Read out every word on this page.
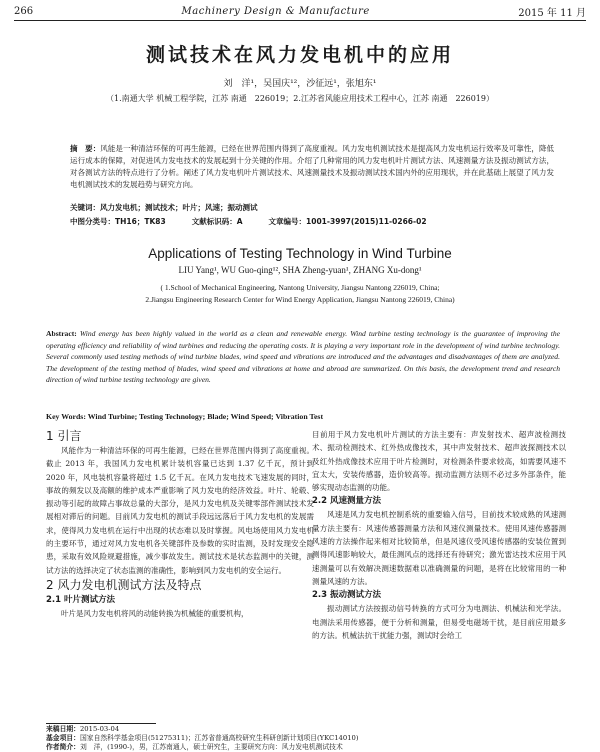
266	Machinery Design & Manufacture	2015 年 11 月
测试技术在风力发电机中的应用
刘　洋¹，吴国庆¹²，沙征远¹，张旭东¹
（1.南通大学 机械工程学院，江苏 南通　226019；2.江苏省风能应用技术工程中心，江苏 南通　226019）
摘　要：风能是一种清洁环保的可再生能源，已经在世界范围内得到了高度重视。风力发电机测试技术是提高风力发电机运行效率及可靠性，降低运行成本的保障，对促进风力发电技术的发展起到十分关键的作用。介绍了几种常用的风力发电机叶片测试方法、风速测量方法及振动测试方法，对各测试方法的特点进行了分析。阐述了风力发电机叶片测试技术、风速测量技术及振动测试技术国内外的应用现状，并在此基础上展望了风力发电机测试技术的发展趋势与研究方向。
关键词：风力发电机；测试技术；叶片；风速；振动测试
中图分类号：TH16；TK83	文献标识码：A	文章编号：1001-3997(2015)11-0266-02
Applications of Testing Technology in Wind Turbine
LIU Yang¹, WU Guo-qing¹², SHA Zheng-yuan¹, ZHANG Xu-dong¹
( 1.School of Mechanical Engineering, Nantong University, Jiangsu Nantong 226019, China;
2.Jiangsu Engineering Research Center for Wind Energy Application, Jiangsu Nantong 226019, China)
Abstract: Wind energy has been highly valued in the world as a clean and renewable energy. Wind turbine testing technology is the guarantee of improving the operating efficiency and reliability of wind turbines and reducing the operating costs. It is playing a very important role in the development of wind turbine technology. Several commonly used testing methods of wind turbine blades, wind speed and vibrations are introduced and the advantages and disadvantages of them are analyzed. The development of the testing method of blades, wind speed and vibrations at home and abroad are summarized. On this basis, the development trend and research direction of wind turbine testing technology are given.
Key Words: Wind Turbine; Testing Technology; Blade; Wind Speed; Vibration Test
1 引言

风能作为一种清洁环保的可再生能源，已经在世界范围内得到了高度重视。截止 2013 年，我国风力发电机累计装机容量已达到 1.37 亿千瓦，预计到 2020 年，风电装机容量将超过 1.5 亿千瓦。在风力发电技术飞速发展的同时，事故的频发以及高额的维护成本严重影响了风力发电的经济效益。叶片、轮毂、振动等引起的故障占事故总量的大部分，是风力发电机及关键零部件测试技术发展相对滞后的问题。目前风力发电机的测试手段远远落后于风力发电机的发展需求，使得风力发电机在运行中出现的状态难以及时掌握。风电场使用风力发电机的主要环节，通过对风力发电机各关键部件及参数的实时监测，及时发现安全隐患，采取有效风险规避措施，减少事故发生。测试技术是状态监测中的关键，测试方法的选择决定了状态监测的准确性，影响到风力发电机的安全运行。

2 风力发电机测试方法及特点
2.1 叶片测试方法

叶片是风力发电机将风的动能转换为机械能的重要机构，

目前用于风力发电机叶片测试的方法主要有：声发射技术、超声波检测技术、振动检测技术、红外热成像技术，其中声发射技术、超声波探测技术以及红外热成像技术应用于叶片检测时，对检测条件要求较高，如需要风速不宜太大，安装传感器，造价较高等。振动监测方法则不必过多外部条件，能够实现动态监测的功能。

2.2 风速测量方法

风速是风力发电机控制系统的重要输入信号，目前技术较成熟的风速测量方法主要有：风速传感器测量方法和风速仪测量技术。使用风速传感器测风速的方法操作起来相对比较简单，但是风速仪受风速传感器的安装位置到测得风速影响较大，最佳测风点的选择还有待研究；激光雷达技术应用于风速测量可以有效解决测速数据难以准确测量的问题，是将在比较常用的一种测量风速的方法。

2.3 振动测试方法

振动测试方法按振动信号转换的方式可分为电测法、机械法和光学法。电测法采用传感器，便于分析和测量，但易受电磁场干扰，是目前应用最多的方法。机械法抗干扰能力强，测试时会给工

来稿日期：2015-03-04
基金项目：国家自然科学基金项目(51275311)；江苏省普通高校研究生科研创新计划项目(YKC14010)
作者简介：刘　洋，(1990-)，男，江苏南通人，硕士研究生，主要研究方向：风力发电机测试技术
